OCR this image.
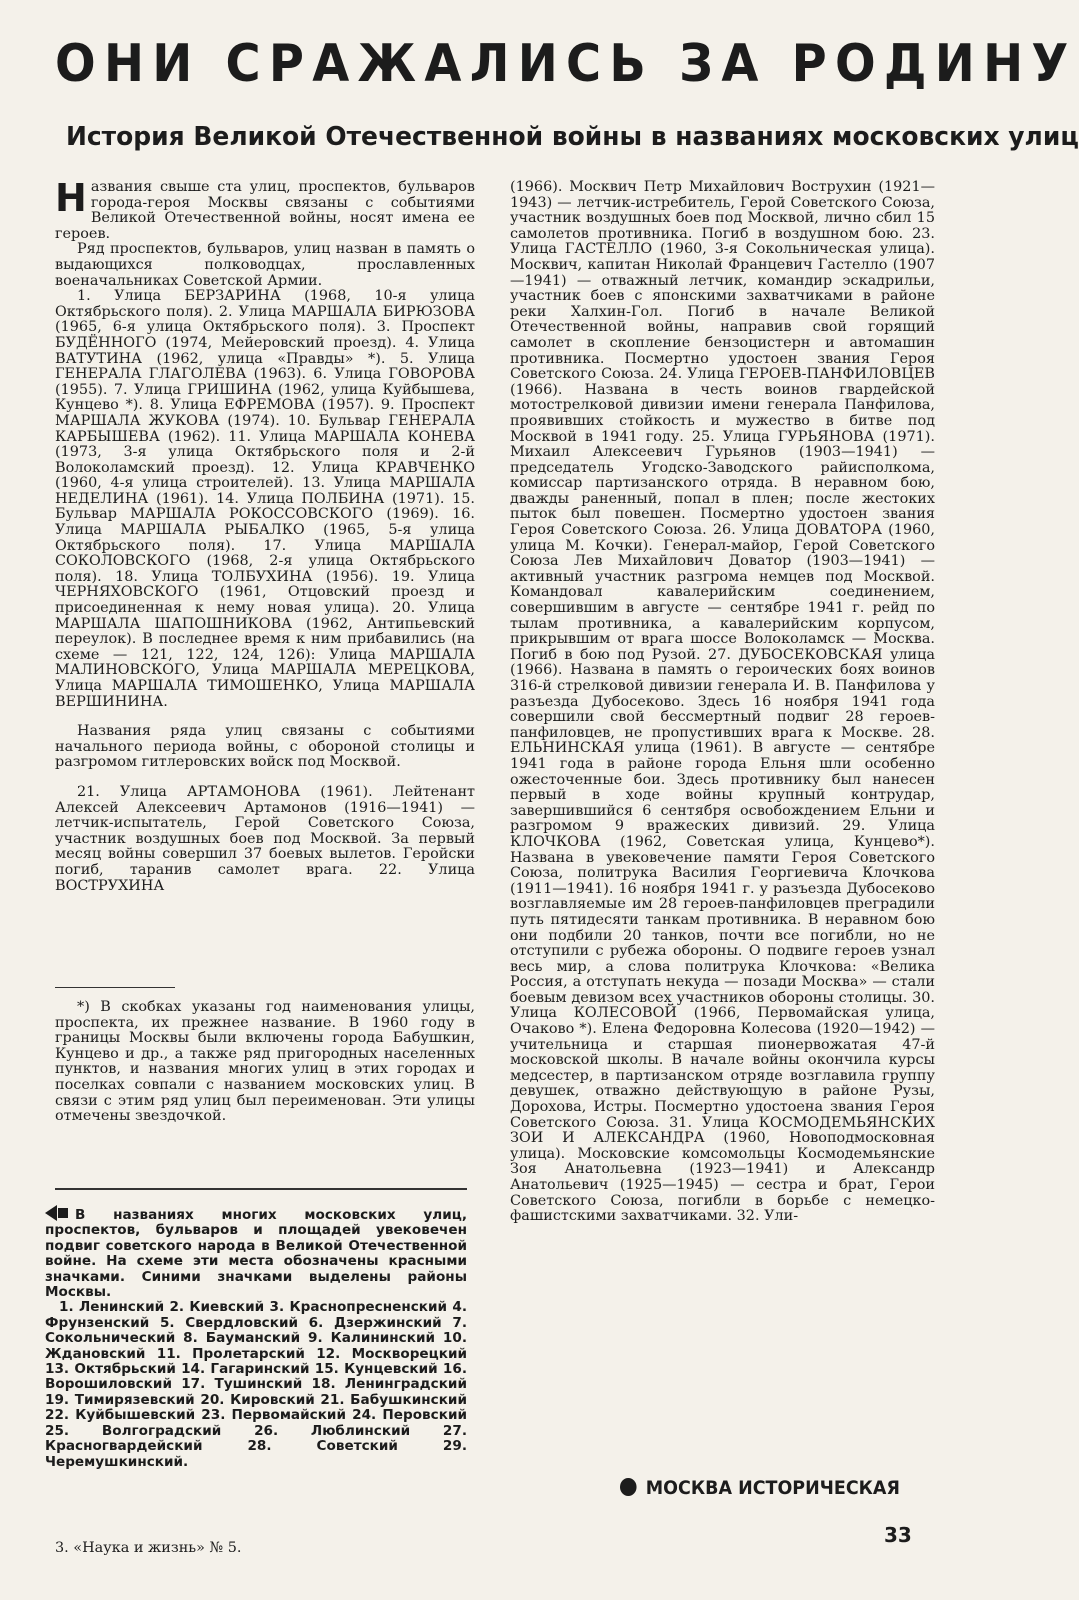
ОНИ СРАЖАЛИСЬ ЗА РОДИНУ
История Великой Отечественной войны в названиях московских улиц

Названия свыше ста улиц, проспектов, бульваров города-героя Москвы связаны с событиями Великой Отечественной войны, носят имена ее героев.

Ряд проспектов, бульваров, улиц назван в память о выдающихся полководцах, прославленных военачальниках Советской Армии.

1. Улица БЕРЗАРИНА (1968, 10-я улица Октябрьского поля). 2. Улица МАРШАЛА БИРЮЗОВА (1965, 6-я улица Октябрьского поля). 3. Проспект БУДЁННОГО (1974, Мейеровский проезд). 4. Улица ВАТУТИНА (1962, улица «Правды» *). 5. Улица ГЕНЕРАЛА ГЛАГОЛЕВА (1963). 6. Улица ГОВОРОВА (1955). 7. Улица ГРИШИНА (1962, улица Куйбышева, Кунцево *). 8. Улица ЕФРЕМОВА (1957). 9. Проспект МАРШАЛА ЖУКОВА (1974). 10. Бульвар ГЕНЕРАЛА КАРБЫШЕВА (1962). 11. Улица МАРШАЛА КОНЕВА (1973, 3-я улица Октябрьского поля и 2-й Волоколамский проезд). 12. Улица КРАВЧЕНКО (1960, 4-я улица строителей). 13. Улица МАРШАЛА НЕДЕЛИНА (1961). 14. Улица ПОЛБИНА (1971). 15. Бульвар МАРШАЛА РОКОССОВСКОГО (1969). 16. Улица МАРШАЛА РЫБАЛКО (1965, 5-я улица Октябрьского поля). 17. Улица МАРШАЛА СОКОЛОВСКОГО (1968, 2-я улица Октябрьского поля). 18. Улица ТОЛБУХИНА (1956). 19. Улица ЧЕРНЯХОВСКОГО (1961, Отцовский проезд и присоединенная к нему новая улица). 20. Улица МАРШАЛА ШАПОШНИКОВА (1962, Антипьевский переулок). В последнее время к ним прибавились (на схеме — 121, 122, 124, 126): Улица МАРШАЛА МАЛИНОВСКОГО, Улица МАРШАЛА МЕРЕЦКОВА, Улица МАРШАЛА ТИМОШЕНКО, Улица МАРШАЛА ВЕРШИНИНА.

Названия ряда улиц связаны с событиями начального периода войны, с обороной столицы и разгромом гитлеровских войск под Москвой.

21. Улица АРТАМОНОВА (1961). Лейтенант Алексей Алексеевич Артамонов (1916—1941) — летчик-испытатель, Герой Советского Союза, участник воздушных боев под Москвой. За первый месяц войны совершил 37 боевых вылетов. Геройски погиб, таранив самолет врага. 22. Улица ВОСТРУХИНА

*) В скобках указаны год наименования улицы, проспекта, их прежнее название. В 1960 году в границы Москвы были включены города Бабушкин, Кунцево и др., а также ряд пригородных населенных пунктов, и названия многих улиц в этих городах и поселках совпали с названием московских улиц. В связи с этим ряд улиц был переименован. Эти улицы отмечены звездочкой.

В названиях многих московских улиц, проспектов, бульваров и площадей увековечен подвиг советского народа в Великой Отечественной войне. На схеме эти места обозначены красными значками. Синими значками выделены районы Москвы.

1. Ленинский 2. Киевский 3. Краснопресненский 4. Фрунзенский 5. Свердловский 6. Дзержинский 7. Сокольнический 8. Бауманский 9. Калининский 10. Ждановский 11. Пролетарский 12. Москворецкий 13. Октябрьский 14. Гагаринский 15. Кунцевский 16. Ворошиловский 17. Тушинский 18. Ленинградский 19. Тимирязевский 20. Кировский 21. Бабушкинский 22. Куйбышевский 23. Первомайский 24. Перовский 25. Волгоградский 26. Люблинский 27. Красногвардейский 28. Советский 29. Черемушкинский.

(1966). Москвич Петр Михайлович Вострухин (1921—1943) — летчик-истребитель, Герой Советского Союза, участник воздушных боев под Москвой, лично сбил 15 самолетов противника. Погиб в воздушном бою. 23. Улица ГАСТЕЛЛО (1960, 3-я Сокольническая улица). Москвич, капитан Николай Францевич Гастелло (1907—1941) — отважный летчик, командир эскадрильи, участник боев с японскими захватчиками в районе реки Халхин-Гол. Погиб в начале Великой Отечественной войны, направив свой горящий самолет в скопление бензоцистерн и автомашин противника. Посмертно удостоен звания Героя Советского Союза. 24. Улица ГЕРОЕВ-ПАНФИЛОВЦЕВ (1966). Названа в честь воинов гвардейской мотострелковой дивизии имени генерала Панфилова, проявивших стойкость и мужество в битве под Москвой в 1941 году. 25. Улица ГУРЬЯНОВА (1971). Михаил Алексеевич Гурьянов (1903—1941) — председатель Угодско-Заводского райисполкома, комиссар партизанского отряда. В неравном бою, дважды раненный, попал в плен; после жестоких пыток был повешен. Посмертно удостоен звания Героя Советского Союза. 26. Улица ДОВАТОРА (1960, улица М. Кочки). Генерал-майор, Герой Советского Союза Лев Михайлович Доватор (1903—1941) — активный участник разгрома немцев под Москвой. Командовал кавалерийским соединением, совершившим в августе — сентябре 1941 г. рейд по тылам противника, а кавалерийским корпусом, прикрывшим от врага шоссе Волоколамск — Москва. Погиб в бою под Рузой. 27. ДУБОСЕКОВСКАЯ улица (1966). Названа в память о героических боях воинов 316-й стрелковой дивизии генерала И. В. Панфилова у разъезда Дубосеково. Здесь 16 ноября 1941 года совершили свой бессмертный подвиг 28 героев-панфиловцев, не пропустивших врага к Москве. 28. ЕЛЬНИНСКАЯ улица (1961). В августе — сентябре 1941 года в районе города Ельня шли особенно ожесточенные бои. Здесь противнику был нанесен первый в ходе войны крупный контрудар, завершившийся 6 сентября освобождением Ельни и разгромом 9 вражеских дивизий. 29. Улица КЛОЧКОВА (1962, Советская улица, Кунцево*). Названа в увековечение памяти Героя Советского Союза, политрука Василия Георгиевича Клочкова (1911—1941). 16 ноября 1941 г. у разъезда Дубосеково возглавляемые им 28 героев-панфиловцев преградили путь пятидесяти танкам противника. В неравном бою они подбили 20 танков, почти все погибли, но не отступили с рубежа обороны. О подвиге героев узнал весь мир, а слова политрука Клочкова: «Велика Россия, а отступать некуда — позади Москва» — стали боевым девизом всех участников обороны столицы. 30. Улица КОЛЕСОВОЙ (1966, Первомайская улица, Очаково *). Елена Федоровна Колесова (1920—1942) — учительница и старшая пионервожатая 47-й московской школы. В начале войны окончила курсы медсестер, в партизанском отряде возглавила группу девушек, отважно действующую в районе Рузы, Дорохова, Истры. Посмертно удостоена звания Героя Советского Союза. 31. Улица КОСМОДЕМЬЯНСКИХ ЗОИ И АЛЕКСАНДРА (1960, Новоподмосковная улица). Московские комсомольцы Космодемьянские Зоя Анатольевна (1923—1941) и Александр Анатольевич (1925—1945) — сестра и брат, Герои Советского Союза, погибли в борьбе с немецко-фашистскими захватчиками. 32. Ули-

МОСКВА ИСТОРИЧЕСКАЯ
3. «Наука и жизнь» № 5.
33
